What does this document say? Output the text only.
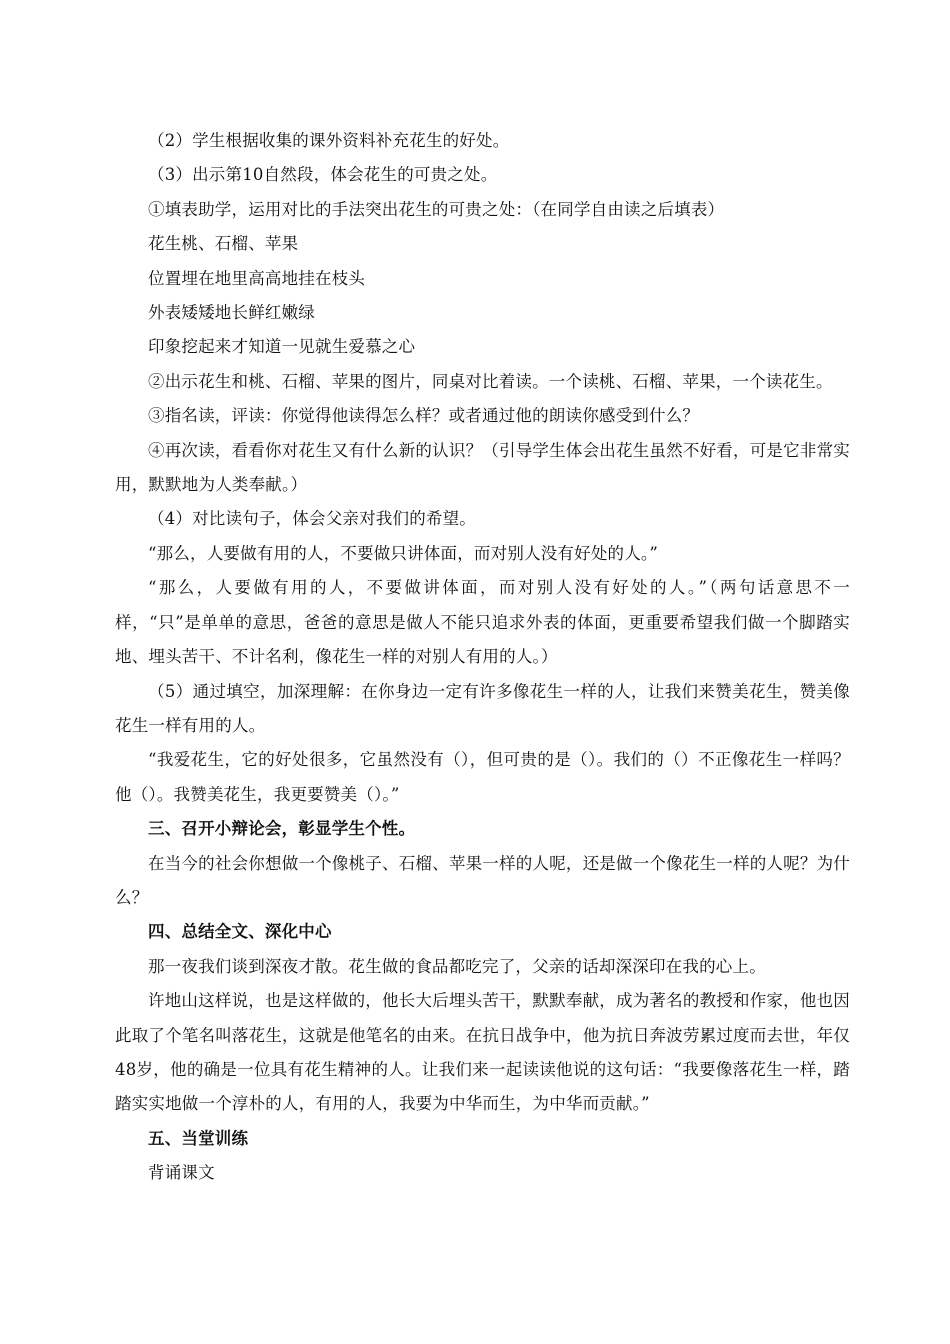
（2）学生根据收集的课外资料补充花生的好处。

（3）出示第10自然段，体会花生的可贵之处。

①填表助学，运用对比的手法突出花生的可贵之处：（在同学自由读之后填表）

花生桃、石榴、苹果

位置埋在地里高高地挂在枝头

外表矮矮地长鲜红嫩绿

印象挖起来才知道一见就生爱慕之心

②出示花生和桃、石榴、苹果的图片，同桌对比着读。一个读桃、石榴、苹果，一个读花生。

③指名读，评读：你觉得他读得怎么样？或者通过他的朗读你感受到什么？

④再次读，看看你对花生又有什么新的认识？（引导学生体会出花生虽然不好看，可是它非常实用，默默地为人类奉献。）

（4）对比读句子，体会父亲对我们的希望。

“那么，人要做有用的人，不要做只讲体面，而对别人没有好处的人。”

“那么，人要做有用的人，不要做讲体面，而对别人没有好处的人。”（两句话意思不一样，“只”是单单的意思，爸爸的意思是做人不能只追求外表的体面，更重要希望我们做一个脚踏实地、埋头苦干、不计名利，像花生一样的对别人有用的人。）

（5）通过填空，加深理解：在你身边一定有许多像花生一样的人，让我们来赞美花生，赞美像花生一样有用的人。

“我爱花生，它的好处很多，它虽然没有（），但可贵的是（）。我们的（）不正像花生一样吗？他（）。我赞美花生，我更要赞美（）。”

三、召开小辩论会，彰显学生个性。

在当今的社会你想做一个像桃子、石榴、苹果一样的人呢，还是做一个像花生一样的人呢？为什么？

四、总结全文、深化中心

那一夜我们谈到深夜才散。花生做的食品都吃完了，父亲的话却深深印在我的心上。

许地山这样说，也是这样做的，他长大后埋头苦干，默默奉献，成为著名的教授和作家，他也因此取了个笔名叫落花生，这就是他笔名的由来。在抗日战争中，他为抗日奔波劳累过度而去世，年仅48岁，他的确是一位具有花生精神的人。让我们来一起读读他说的这句话：“我要像落花生一样，踏踏实实地做一个淳朴的人，有用的人，我要为中华而生，为中华而贡献。”

五、当堂训练

背诵课文
